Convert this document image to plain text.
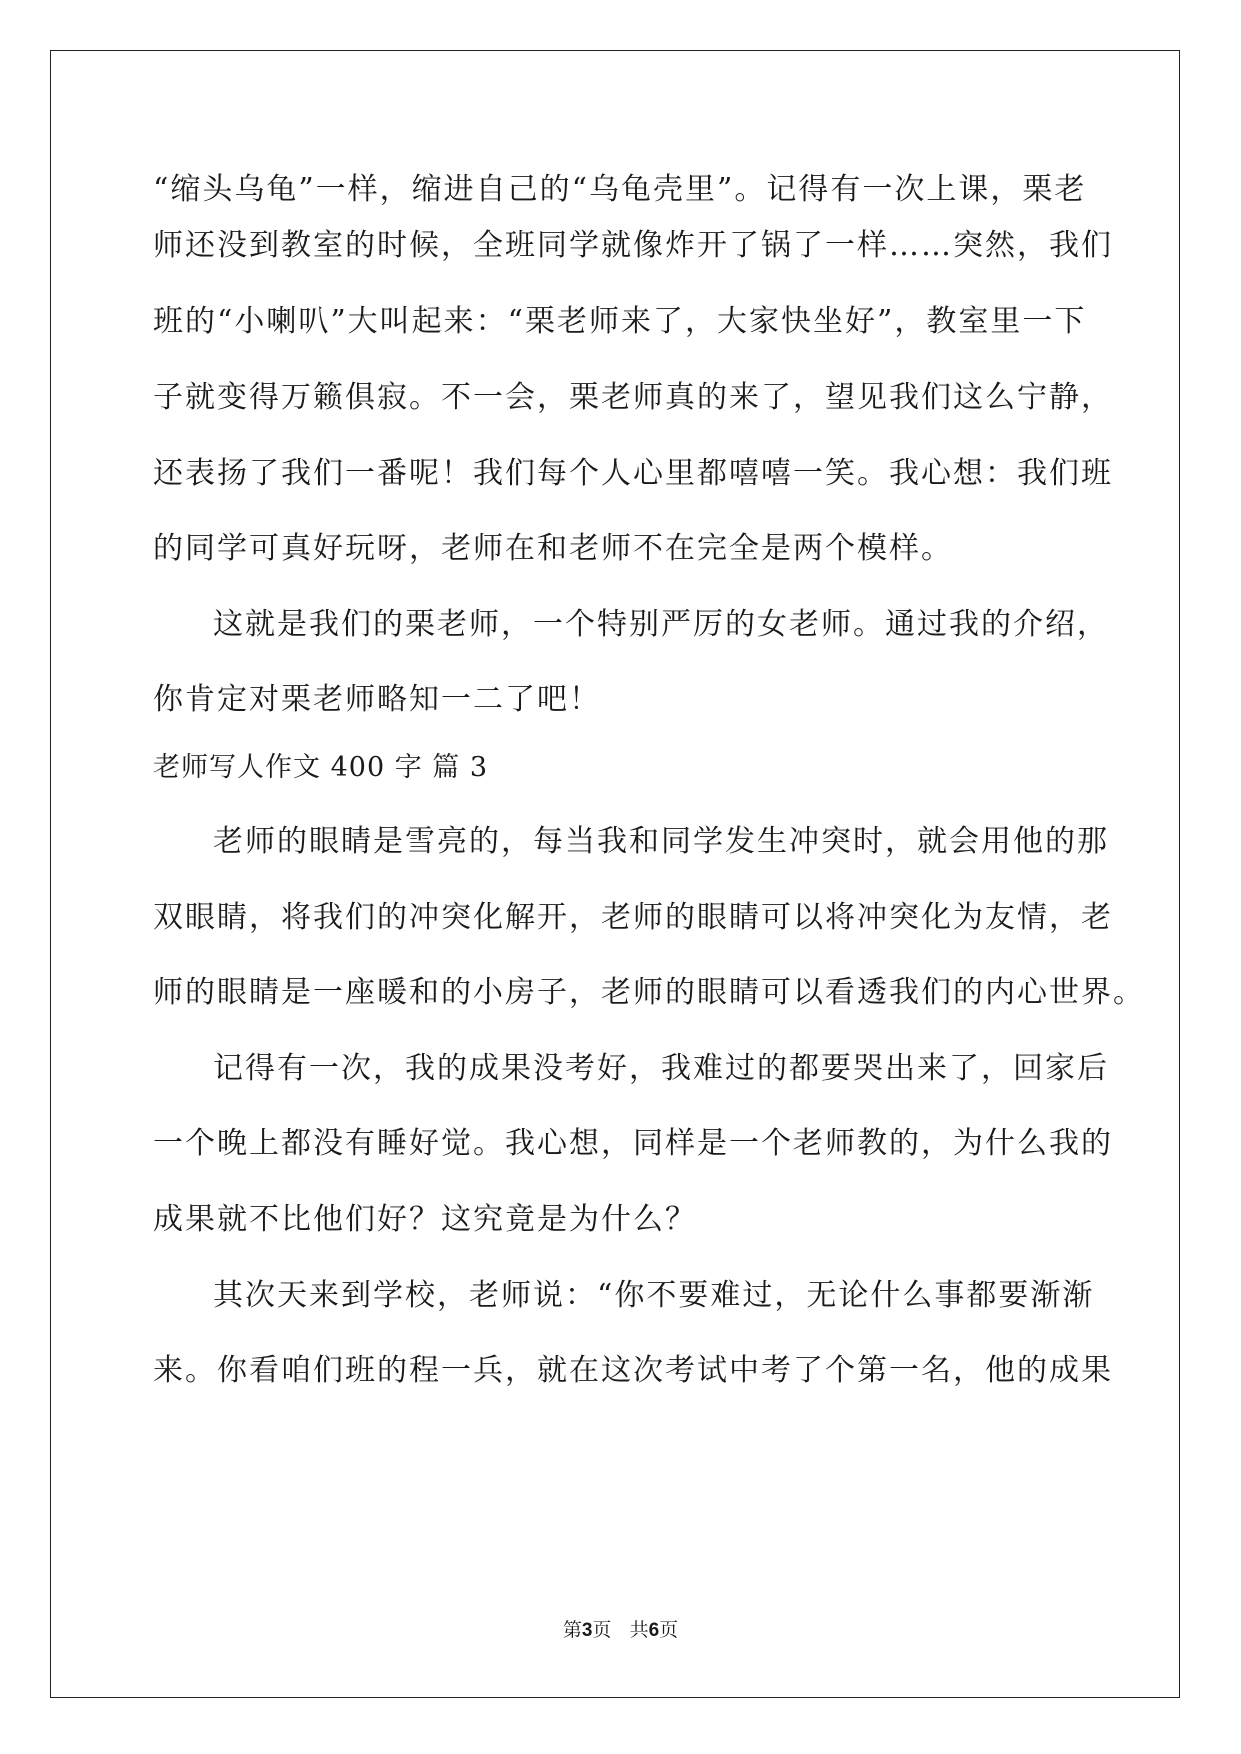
“缩头乌龟”一样，缩进自己的“乌龟壳里”。记得有一次上课，栗老
师还没到教室的时候，全班同学就像炸开了锅了一样……突然，我们
班的“小喇叭”大叫起来：“栗老师来了，大家快坐好”，教室里一下
子就变得万籁俱寂。不一会，栗老师真的来了，望见我们这么宁静，
还表扬了我们一番呢！我们每个人心里都嘻嘻一笑。我心想：我们班
的同学可真好玩呀，老师在和老师不在完全是两个模样。
这就是我们的栗老师，一个特别严厉的女老师。通过我的介绍，
你肯定对栗老师略知一二了吧！
老师写人作文 400 字 篇 3
老师的眼睛是雪亮的，每当我和同学发生冲突时，就会用他的那
双眼睛，将我们的冲突化解开，老师的眼睛可以将冲突化为友情，老
师的眼睛是一座暖和的小房子，老师的眼睛可以看透我们的内心世界。
记得有一次，我的成果没考好，我难过的都要哭出来了，回家后
一个晚上都没有睡好觉。我心想，同样是一个老师教的，为什么我的
成果就不比他们好？这究竟是为什么？
其次天来到学校，老师说：“你不要难过，无论什么事都要渐渐
来。你看咱们班的程一兵，就在这次考试中考了个第一名，他的成果
第3页 共6页
